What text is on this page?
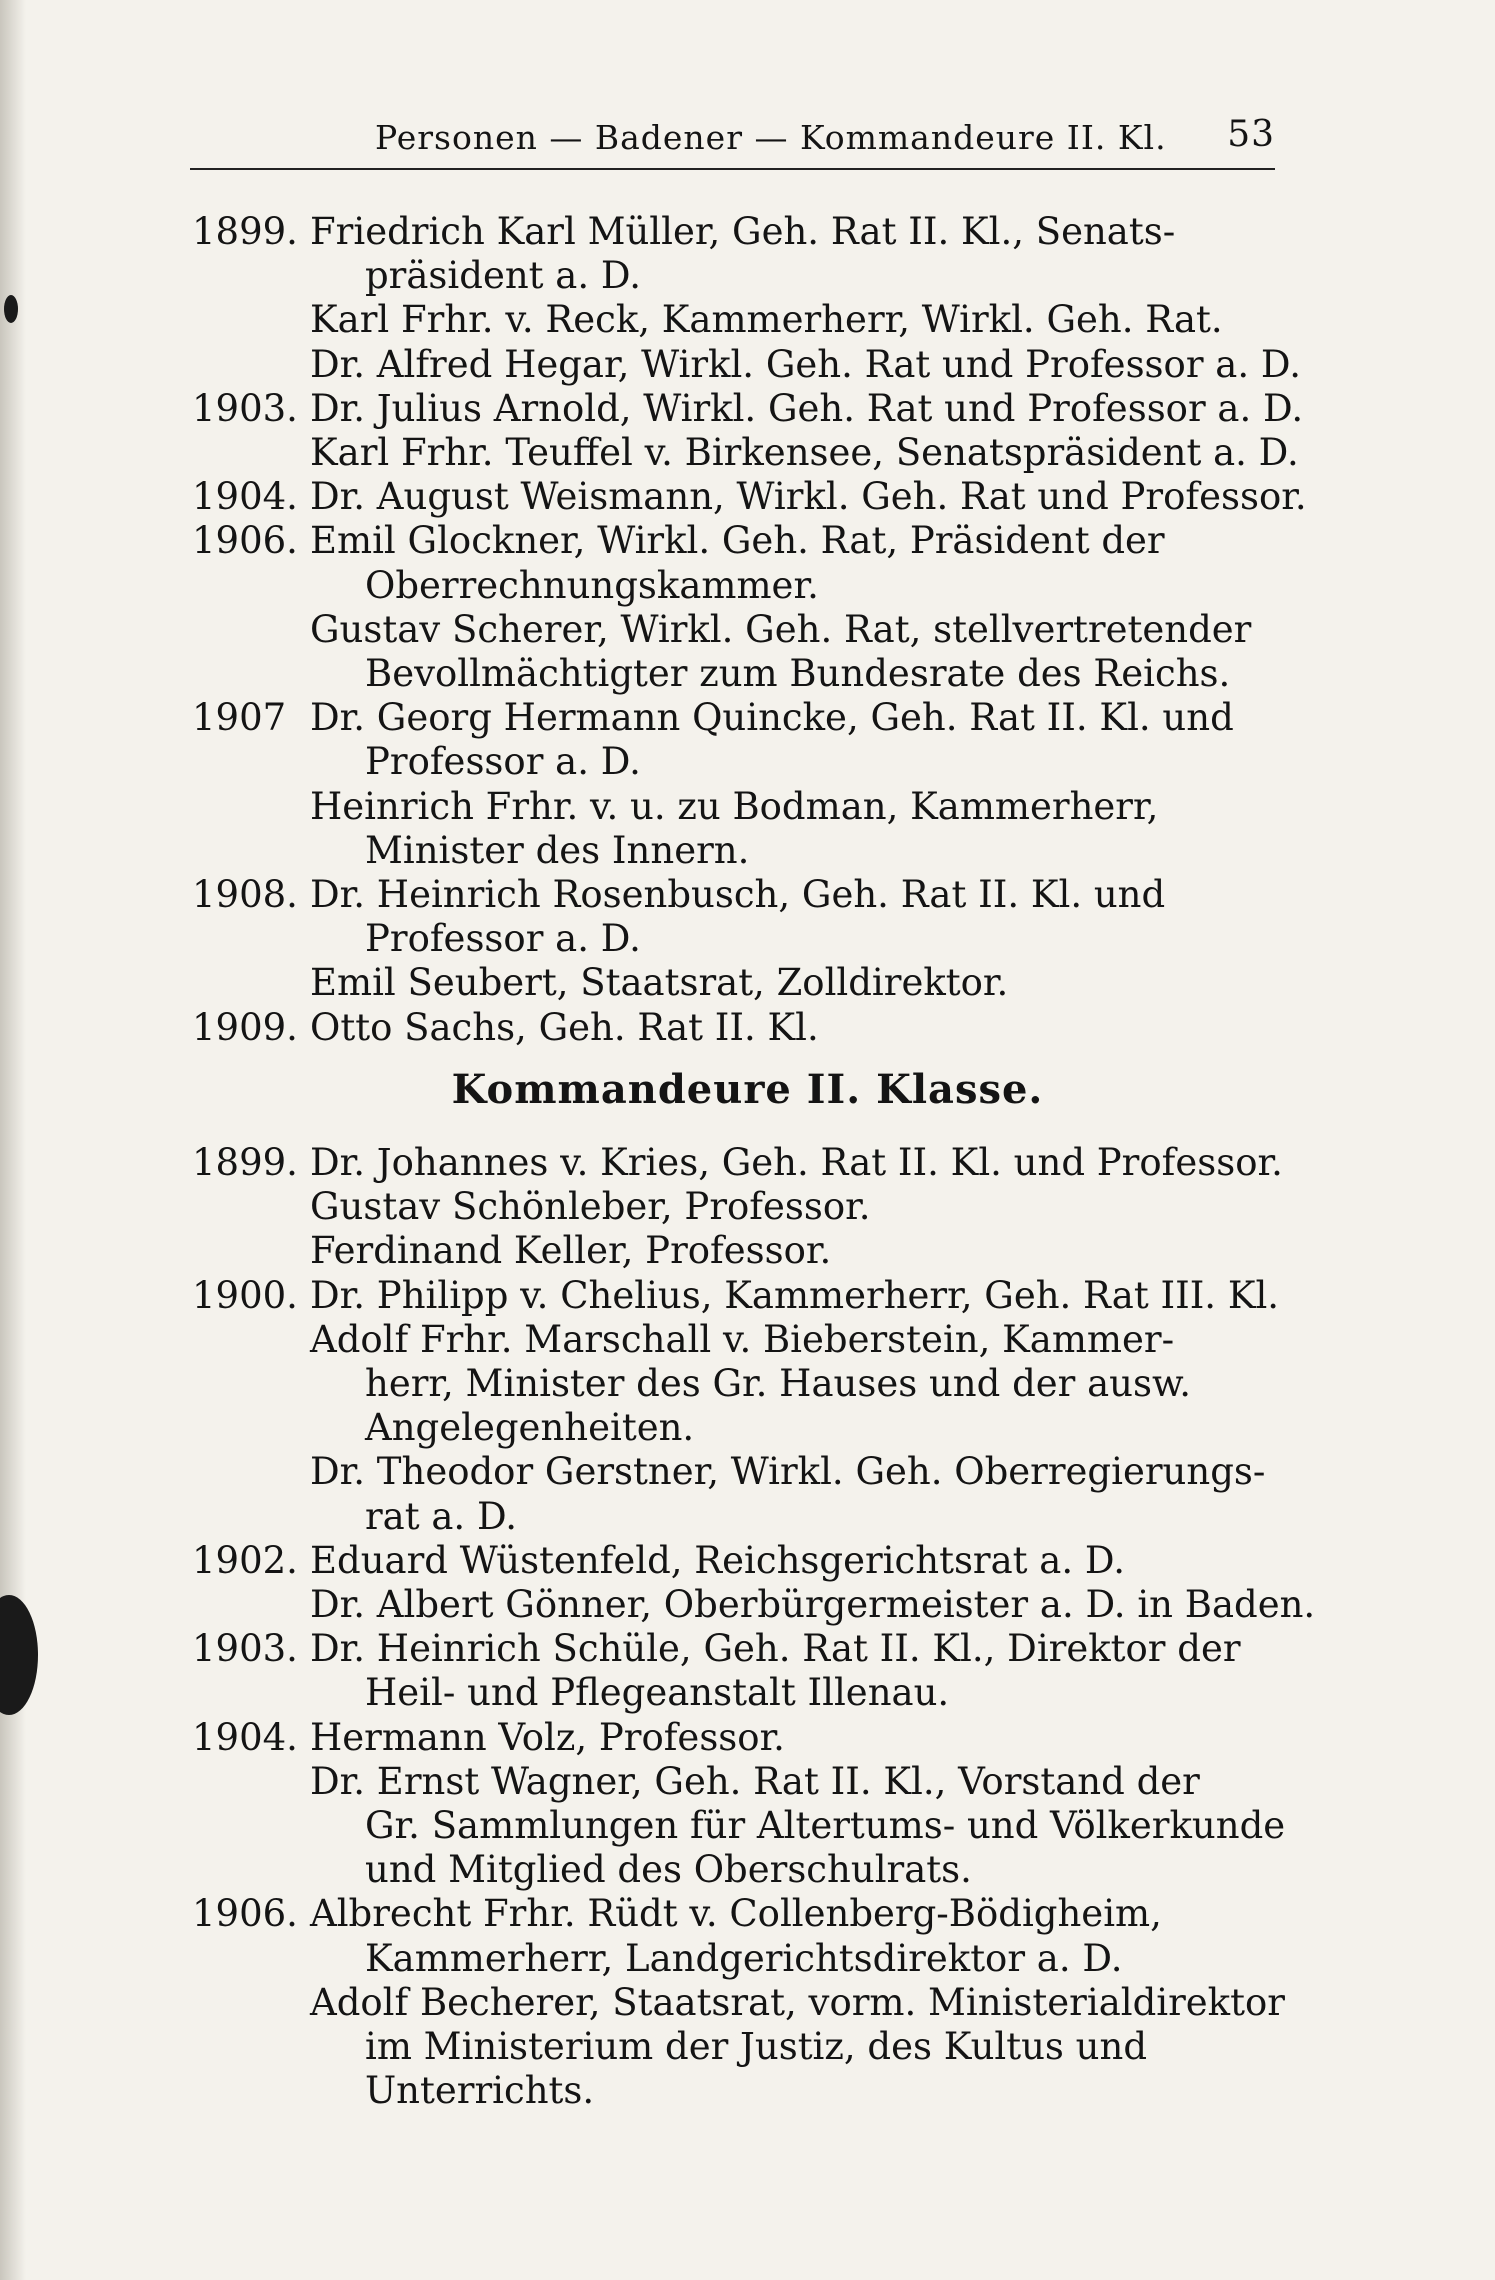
Personen — Badener — Kommandeure II. Kl. 53
1899. Friedrich Karl Müller, Geh. Rat II. Kl., Senats-
präsident a. D.
Karl Frhr. v. Reck, Kammerherr, Wirkl. Geh. Rat.
Dr. Alfred Hegar, Wirkl. Geh. Rat und Professor a. D.
1903. Dr. Julius Arnold, Wirkl. Geh. Rat und Professor a. D.
Karl Frhr. Teuffel v. Birkensee, Senatspräsident a. D.
1904. Dr. August Weismann, Wirkl. Geh. Rat und Professor.
1906. Emil Glockner, Wirkl. Geh. Rat, Präsident der
Oberrechnungskammer.
Gustav Scherer, Wirkl. Geh. Rat, stellvertretender
Bevollmächtigter zum Bundesrate des Reichs.
1907 Dr. Georg Hermann Quincke, Geh. Rat II. Kl. und
Professor a. D.
Heinrich Frhr. v. u. zu Bodman, Kammerherr,
Minister des Innern.
1908. Dr. Heinrich Rosenbusch, Geh. Rat II. Kl. und
Professor a. D.
Emil Seubert, Staatsrat, Zolldirektor.
1909. Otto Sachs, Geh. Rat II. Kl.
Kommandeure II. Klasse.
1899. Dr. Johannes v. Kries, Geh. Rat II. Kl. und Professor.
Gustav Schönleber, Professor.
Ferdinand Keller, Professor.
1900. Dr. Philipp v. Chelius, Kammerherr, Geh. Rat III. Kl.
Adolf Frhr. Marschall v. Bieberstein, Kammer-
herr, Minister des Gr. Hauses und der ausw.
Angelegenheiten.
Dr. Theodor Gerstner, Wirkl. Geh. Oberregierungs-
rat a. D.
1902. Eduard Wüstenfeld, Reichsgerichtsrat a. D.
Dr. Albert Gönner, Oberbürgermeister a. D. in Baden.
1903. Dr. Heinrich Schüle, Geh. Rat II. Kl., Direktor der
Heil- und Pflegeanstalt Illenau.
1904. Hermann Volz, Professor.
Dr. Ernst Wagner, Geh. Rat II. Kl., Vorstand der
Gr. Sammlungen für Altertums- und Völkerkunde
und Mitglied des Oberschulrats.
1906. Albrecht Frhr. Rüdt v. Collenberg-Bödigheim,
Kammerherr, Landgerichtsdirektor a. D.
Adolf Becherer, Staatsrat, vorm. Ministerialdirektor
im Ministerium der Justiz, des Kultus und
Unterrichts.
